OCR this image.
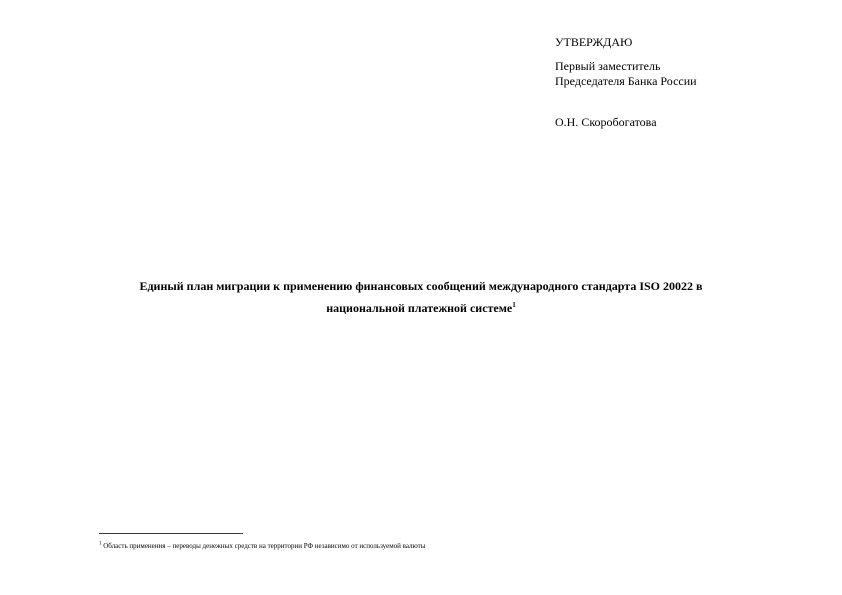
УТВЕРЖДАЮ
Первый заместитель
Председателя Банка России
О.Н. Скоробогатова
Единый план миграции к применению финансовых сообщений международного стандарта ISO 20022 в
национальной платежной системе$^1$
$^1$ Область применения – переводы денежных средств на территории РФ независимо от используемой валюты
